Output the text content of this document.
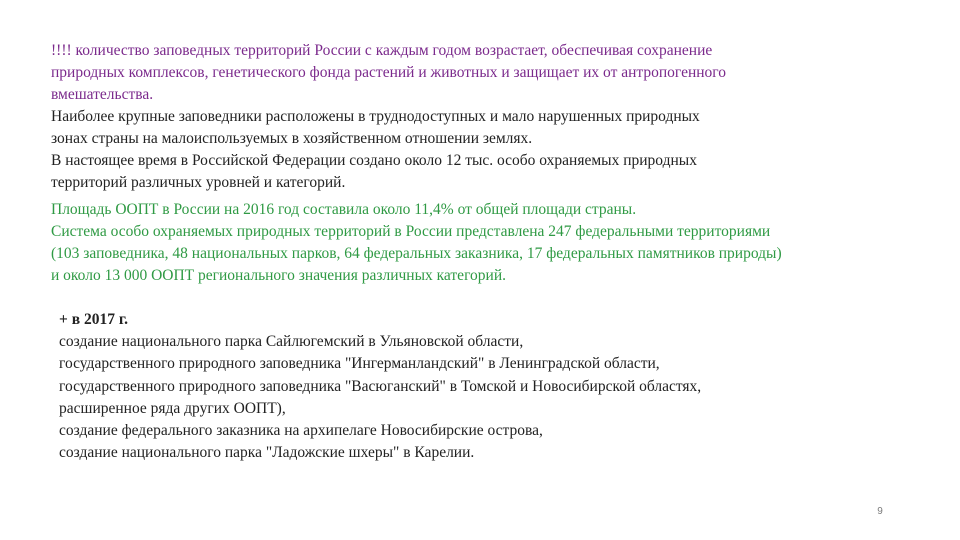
!!!! количество заповедных территорий России с каждым годом возрастает, обеспечивая сохранение
природных комплексов, генетического фонда растений и животных и защищает их от антропогенного
вмешательства.
Наиболее крупные заповедники расположены в труднодоступных и мало нарушенных природных
зонах страны на малоиспользуемых в хозяйственном отношении землях.
В настоящее время в Российской Федерации создано около 12 тыс. особо охраняемых природных
территорий различных уровней и категорий.
Площадь ООПТ в России на 2016 год составила около 11,4% от общей площади страны.
Система особо охраняемых природных территорий в России представлена 247 федеральными территориями
(103 заповедника, 48 национальных парков, 64 федеральных заказника, 17 федеральных памятников природы)
и около 13 000 ООПТ регионального значения различных категорий.
+ в 2017 г.
создание национального парка Сайлюгемский в Ульяновской области,
государственного природного заповедника "Ингерманландский" в Ленинградской области,
государственного природного заповедника "Васюганский" в Томской и Новосибирской областях,
расширенное ряда других ООПТ),
создание федерального заказника на архипелаге Новосибирские острова,
создание национального парка "Ладожские шхеры" в Карелии.
9
